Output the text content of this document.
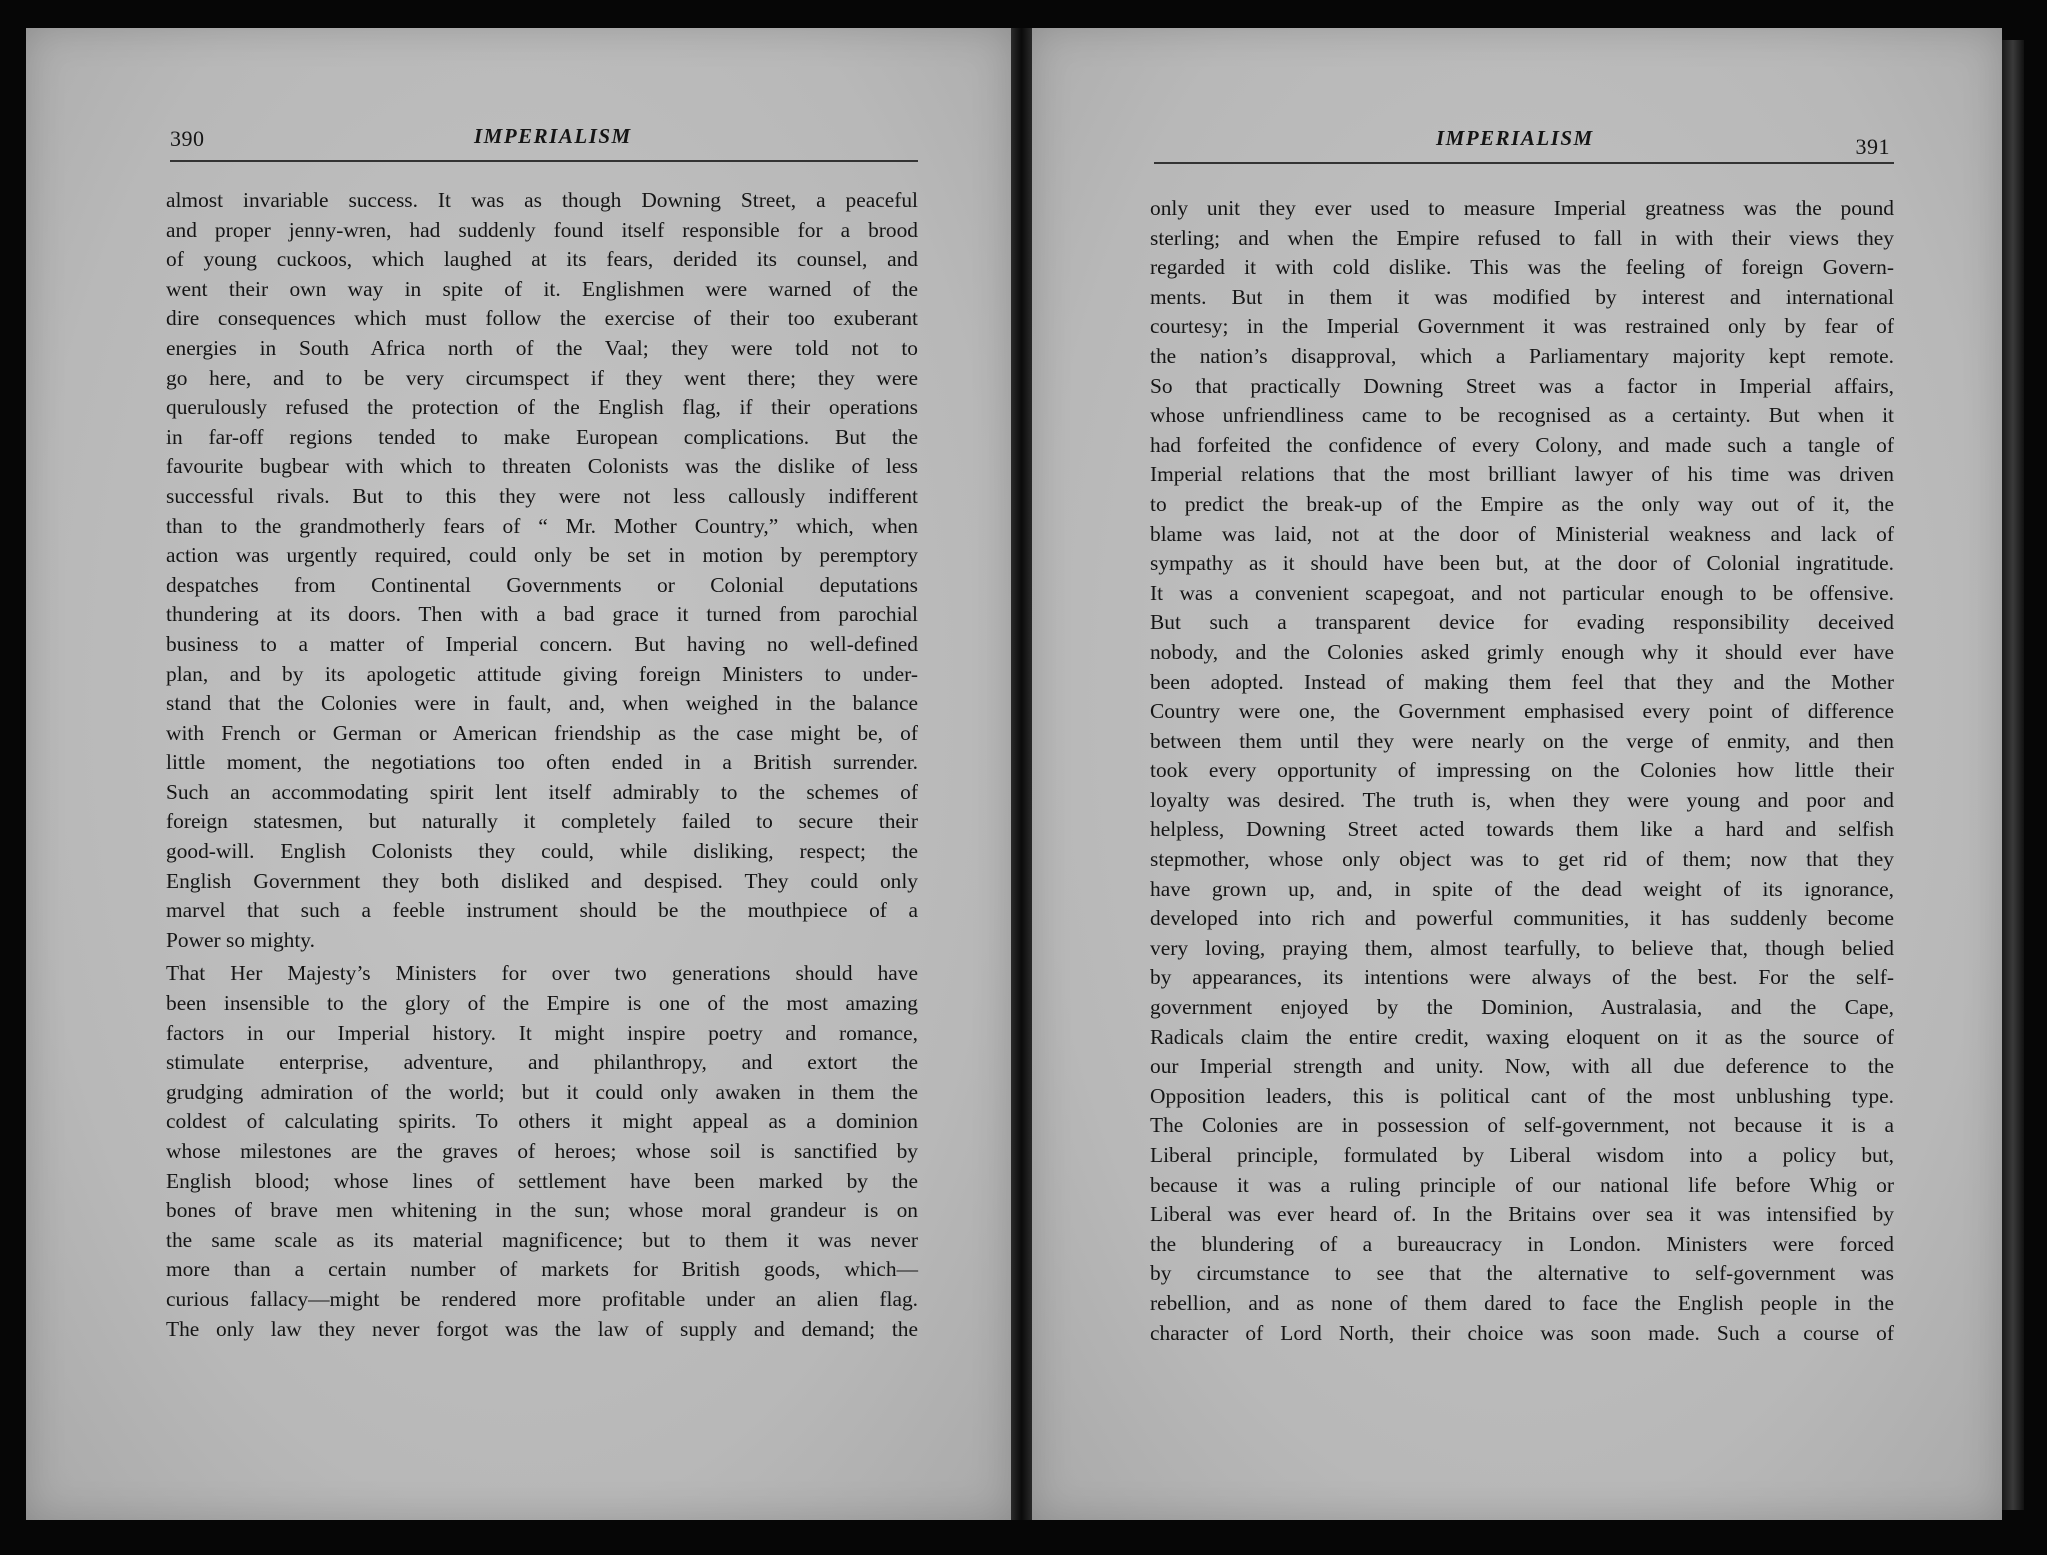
390	IMPERIALISM
almost invariable success. It was as though Downing Street, a peaceful
and proper jenny-wren, had suddenly found itself responsible for a brood
of young cuckoos, which laughed at its fears, derided its counsel, and
went their own way in spite of it. Englishmen were warned of the
dire consequences which must follow the exercise of their too exuberant
energies in South Africa north of the Vaal; they were told not to
go here, and to be very circumspect if they went there; they were
querulously refused the protection of the English flag, if their operations
in far-off regions tended to make European complications. But the
favourite bugbear with which to threaten Colonists was the dislike of less
successful rivals. But to this they were not less callously indifferent
than to the grandmotherly fears of “ Mr. Mother Country,” which, when
action was urgently required, could only be set in motion by peremptory
despatches from Continental Governments or Colonial deputations
thundering at its doors. Then with a bad grace it turned from parochial
business to a matter of Imperial concern. But having no well-defined
plan, and by its apologetic attitude giving foreign Ministers to under-
stand that the Colonies were in fault, and, when weighed in the balance
with French or German or American friendship as the case might be, of
little moment, the negotiations too often ended in a British surrender.
Such an accommodating spirit lent itself admirably to the schemes of
foreign statesmen, but naturally it completely failed to secure their
good-will. English Colonists they could, while disliking, respect; the
English Government they both disliked and despised. They could only
marvel that such a feeble instrument should be the mouthpiece of a
Power so mighty.
That Her Majesty’s Ministers for over two generations should have
been insensible to the glory of the Empire is one of the most amazing
factors in our Imperial history. It might inspire poetry and romance,
stimulate enterprise, adventure, and philanthropy, and extort the
grudging admiration of the world; but it could only awaken in them the
coldest of calculating spirits. To others it might appeal as a dominion
whose milestones are the graves of heroes; whose soil is sanctified by
English blood; whose lines of settlement have been marked by the
bones of brave men whitening in the sun; whose moral grandeur is on
the same scale as its material magnificence; but to them it was never
more than a certain number of markets for British goods, which—
curious fallacy—might be rendered more profitable under an alien flag.
The only law they never forgot was the law of supply and demand; the
IMPERIALISM	391
only unit they ever used to measure Imperial greatness was the pound
sterling; and when the Empire refused to fall in with their views they
regarded it with cold dislike. This was the feeling of foreign Govern-
ments. But in them it was modified by interest and international
courtesy; in the Imperial Government it was restrained only by fear of
the nation’s disapproval, which a Parliamentary majority kept remote.
So that practically Downing Street was a factor in Imperial affairs,
whose unfriendliness came to be recognised as a certainty. But when it
had forfeited the confidence of every Colony, and made such a tangle of
Imperial relations that the most brilliant lawyer of his time was driven
to predict the break-up of the Empire as the only way out of it, the
blame was laid, not at the door of Ministerial weakness and lack of
sympathy as it should have been but, at the door of Colonial ingratitude.
It was a convenient scapegoat, and not particular enough to be offensive.
But such a transparent device for evading responsibility deceived
nobody, and the Colonies asked grimly enough why it should ever have
been adopted. Instead of making them feel that they and the Mother
Country were one, the Government emphasised every point of difference
between them until they were nearly on the verge of enmity, and then
took every opportunity of impressing on the Colonies how little their
loyalty was desired. The truth is, when they were young and poor and
helpless, Downing Street acted towards them like a hard and selfish
stepmother, whose only object was to get rid of them; now that they
have grown up, and, in spite of the dead weight of its ignorance,
developed into rich and powerful communities, it has suddenly become
very loving, praying them, almost tearfully, to believe that, though belied
by appearances, its intentions were always of the best. For the self-
government enjoyed by the Dominion, Australasia, and the Cape,
Radicals claim the entire credit, waxing eloquent on it as the source of
our Imperial strength and unity. Now, with all due deference to the
Opposition leaders, this is political cant of the most unblushing type.
The Colonies are in possession of self-government, not because it is a
Liberal principle, formulated by Liberal wisdom into a policy but,
because it was a ruling principle of our national life before Whig or
Liberal was ever heard of. In the Britains over sea it was intensified by
the blundering of a bureaucracy in London. Ministers were forced
by circumstance to see that the alternative to self-government was
rebellion, and as none of them dared to face the English people in the
character of Lord North, their choice was soon made. Such a course of
